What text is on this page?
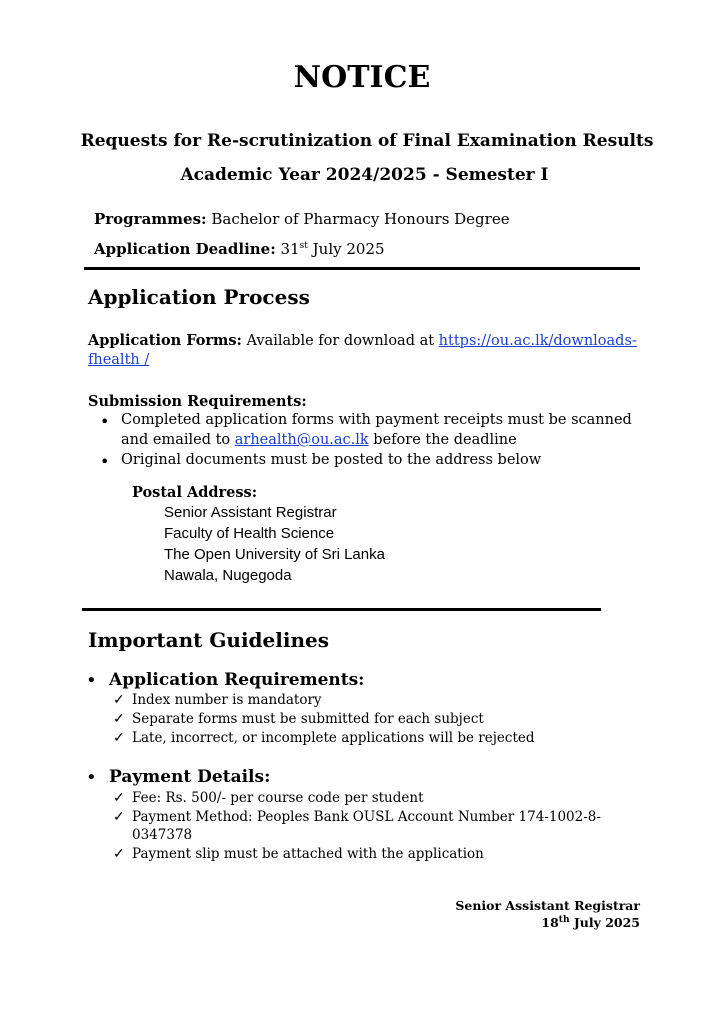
NOTICE
Requests for Re-scrutinization of Final Examination Results
Academic Year 2024/2025 - Semester I
Programmes: Bachelor of Pharmacy Honours Degree
Application Deadline: 31st July 2025
Application Process
Application Forms: Available for download at https://ou.ac.lk/downloads-
fhealth /
Submission Requirements:
• Completed application forms with payment receipts must be scanned
and emailed to arhealth@ou.ac.lk before the deadline
• Original documents must be posted to the address below
Postal Address:
Senior Assistant Registrar
Faculty of Health Science
The Open University of Sri Lanka
Nawala, Nugegoda
Important Guidelines
• Application Requirements:
✓ Index number is mandatory
✓ Separate forms must be submitted for each subject
✓ Late, incorrect, or incomplete applications will be rejected
• Payment Details:
✓ Fee: Rs. 500/- per course code per student
✓ Payment Method: Peoples Bank OUSL Account Number 174-1002-8-
0347378
✓ Payment slip must be attached with the application
Senior Assistant Registrar
18th July 2025
